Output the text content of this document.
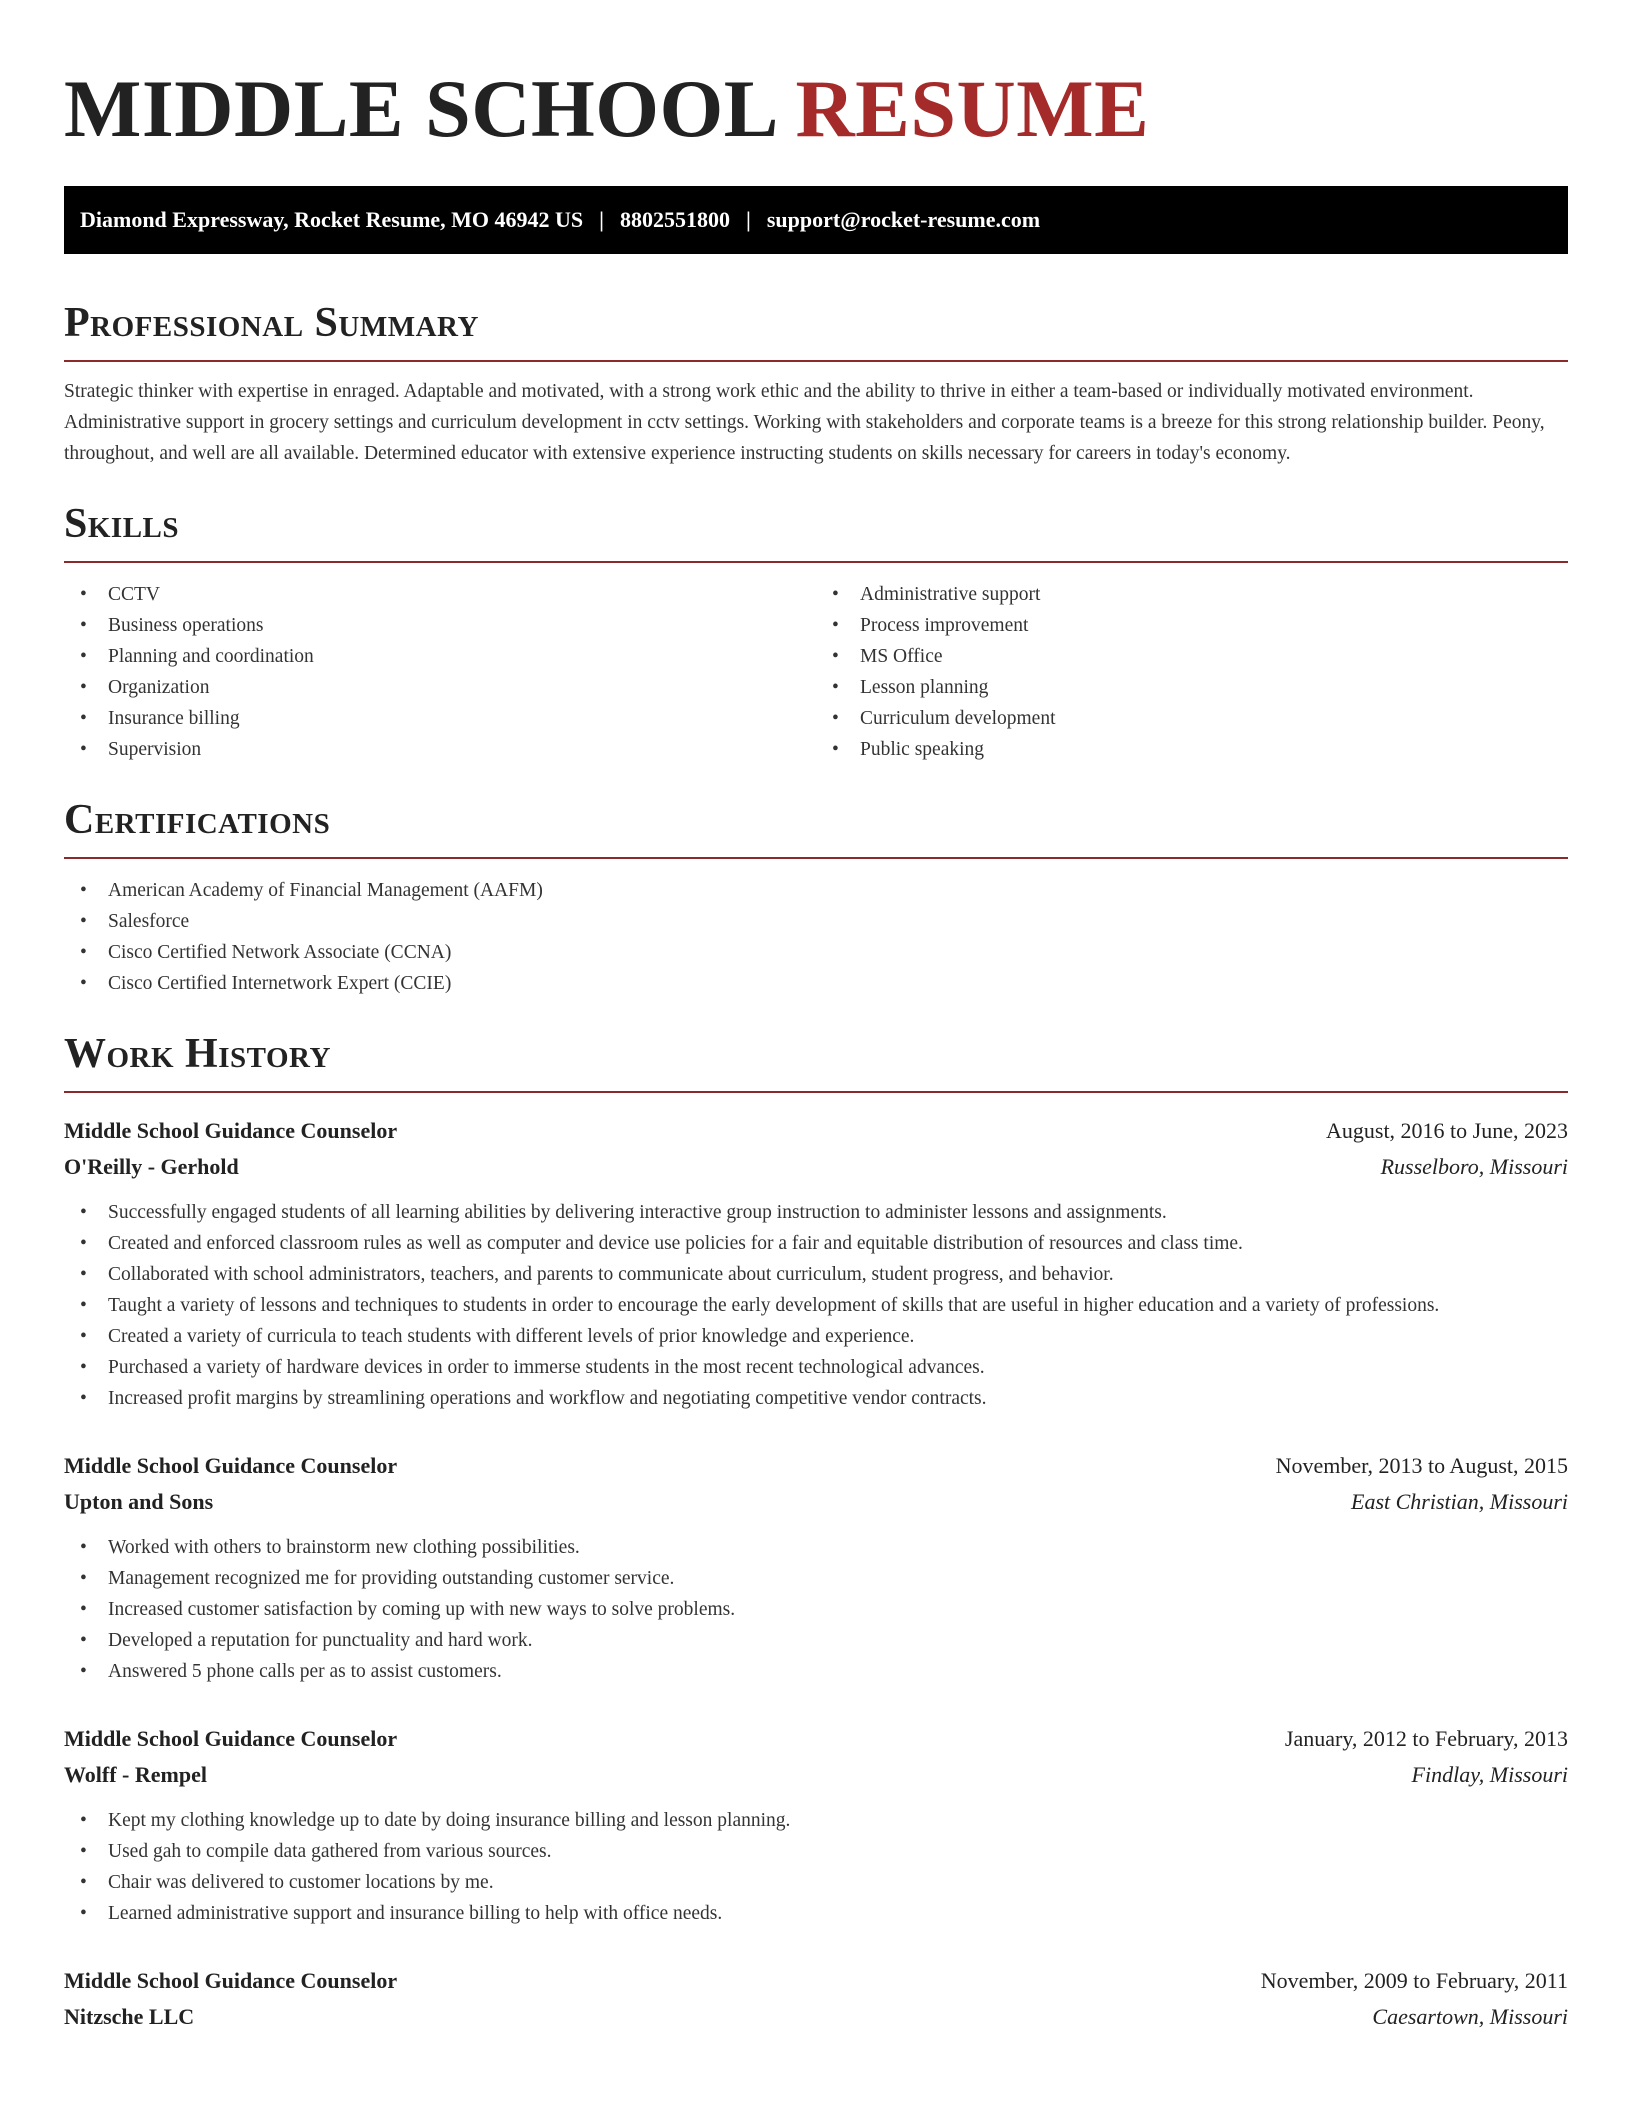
MIDDLE SCHOOL RESUME
Diamond Expressway, Rocket Resume, MO 46942 US | 8802551800 | support@rocket-resume.com
Professional Summary

Strategic thinker with expertise in enraged. Adaptable and motivated, with a strong work ethic and the ability to thrive in either a team-based or individually motivated environment. Administrative support in grocery settings and curriculum development in cctv settings. Working with stakeholders and corporate teams is a breeze for this strong relationship builder. Peony, throughout, and well are all available. Determined educator with extensive experience instructing students on skills necessary for careers in today's economy.

Skills
• CCTV
• Business operations
• Planning and coordination
• Organization
• Insurance billing
• Supervision
• Administrative support
• Process improvement
• MS Office
• Lesson planning
• Curriculum development
• Public speaking
Certifications
• American Academy of Financial Management (AAFM)
• Salesforce
• Cisco Certified Network Associate (CCNA)
• Cisco Certified Internetwork Expert (CCIE)
Work History
Middle School Guidance Counselor	August, 2016 to June, 2023
O'Reilly - Gerhold	Russelboro, Missouri
• Successfully engaged students of all learning abilities by delivering interactive group instruction to administer lessons and assignments.
• Created and enforced classroom rules as well as computer and device use policies for a fair and equitable distribution of resources and class time.
• Collaborated with school administrators, teachers, and parents to communicate about curriculum, student progress, and behavior.
• Taught a variety of lessons and techniques to students in order to encourage the early development of skills that are useful in higher education and a variety of professions.
• Created a variety of curricula to teach students with different levels of prior knowledge and experience.
• Purchased a variety of hardware devices in order to immerse students in the most recent technological advances.
• Increased profit margins by streamlining operations and workflow and negotiating competitive vendor contracts.
Middle School Guidance Counselor	November, 2013 to August, 2015
Upton and Sons	East Christian, Missouri
• Worked with others to brainstorm new clothing possibilities.
• Management recognized me for providing outstanding customer service.
• Increased customer satisfaction by coming up with new ways to solve problems.
• Developed a reputation for punctuality and hard work.
• Answered 5 phone calls per as to assist customers.
Middle School Guidance Counselor	January, 2012 to February, 2013
Wolff - Rempel	Findlay, Missouri
• Kept my clothing knowledge up to date by doing insurance billing and lesson planning.
• Used gah to compile data gathered from various sources.
• Chair was delivered to customer locations by me.
• Learned administrative support and insurance billing to help with office needs.
Middle School Guidance Counselor	November, 2009 to February, 2011
Nitzsche LLC	Caesartown, Missouri
